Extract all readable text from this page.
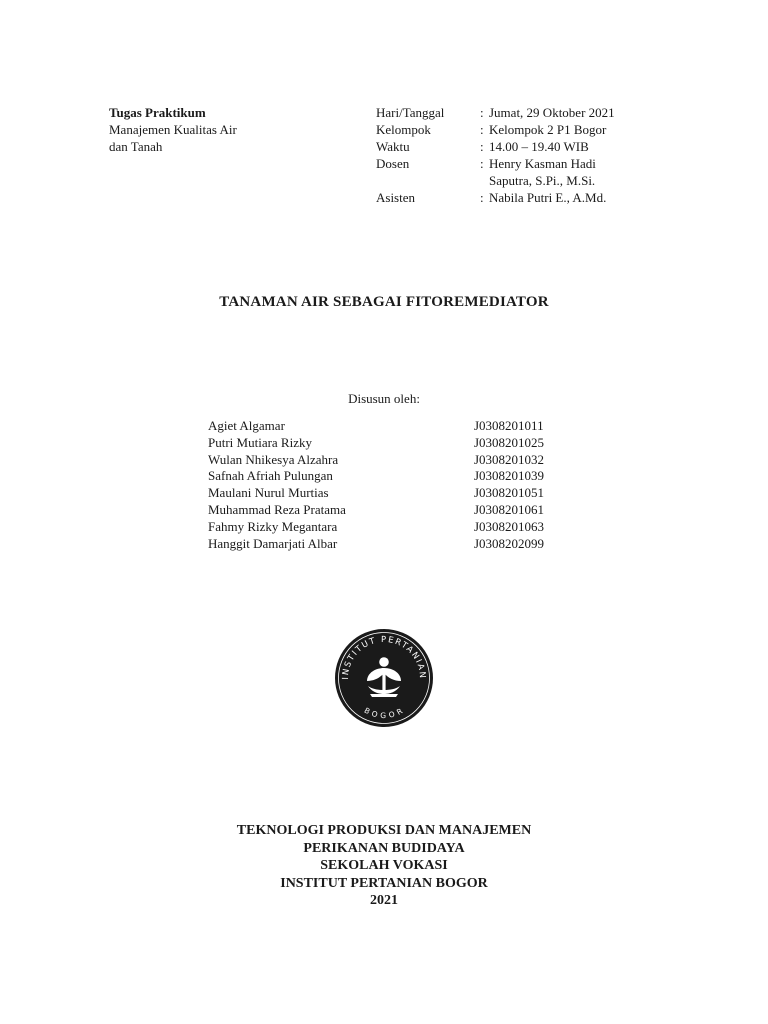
Tugas Praktikum
Manajemen Kualitas Air
dan Tanah
Hari/Tanggal	: Jumat, 29 Oktober 2021
Kelompok	: Kelompok 2 P1 Bogor
Waktu	: 14.00 – 19.40 WIB
Dosen	: Henry Kasman Hadi
Saputra, S.Pi., M.Si.
Asisten	: Nabila Putri E., A.Md.
TANAMAN AIR SEBAGAI FITOREMEDIATOR
Disusun oleh:
Agiet Algamar	J0308201011
Putri Mutiara Rizky	J0308201025
Wulan Nhikesya Alzahra	J0308201032
Safnah Afriah Pulungan	J0308201039
Maulani Nurul Murtias	J0308201051
Muhammad Reza Pratama	J0308201061
Fahmy Rizky Megantara	J0308201063
Hanggit Damarjati Albar	J0308202099
INSTITUT PERTANIAN
BOGOR
TEKNOLOGI PRODUKSI DAN MANAJEMEN
PERIKANAN BUDIDAYA
SEKOLAH VOKASI
INSTITUT PERTANIAN BOGOR
2021
